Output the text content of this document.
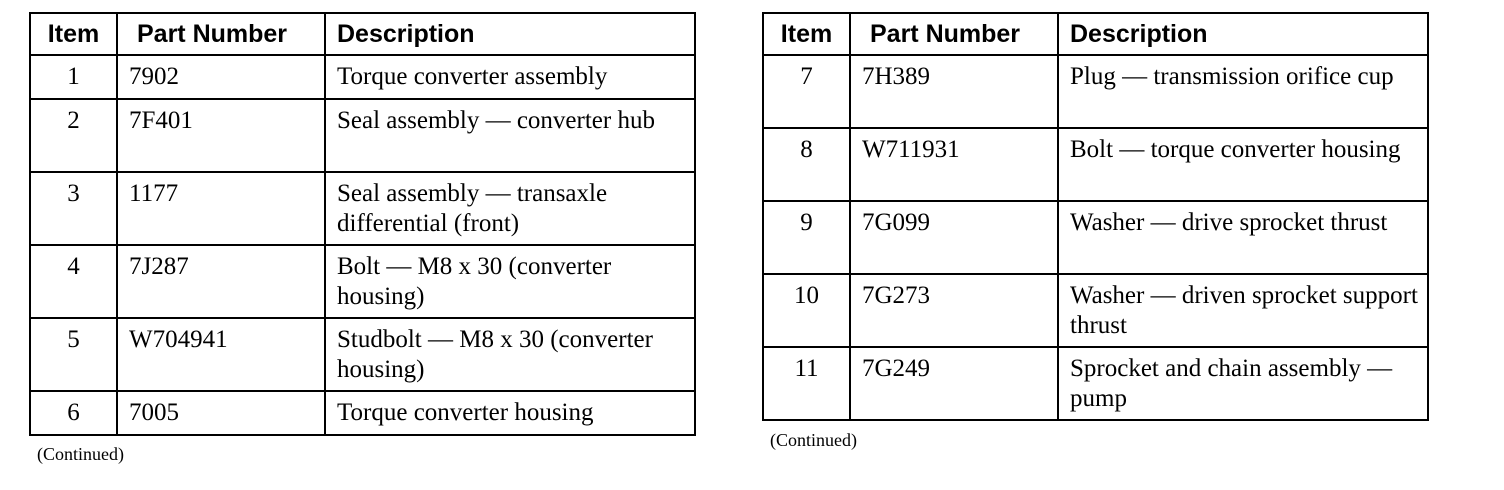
Item	Part Number	Description
1	7902	Torque converter assembly
2	7F401	Seal assembly — converter hub
3	1177	Seal assembly — transaxle differential (front)
4	7J287	Bolt — M8 x 30 (converter housing)
5	W704941	Studbolt — M8 x 30 (converter housing)
6	7005	Torque converter housing
(Continued)
Item	Part Number	Description
7	7H389	Plug — transmission orifice cup
8	W711931	Bolt — torque converter housing
9	7G099	Washer — drive sprocket thrust
10	7G273	Washer — driven sprocket support thrust
11	7G249	Sprocket and chain assembly — pump
(Continued)
